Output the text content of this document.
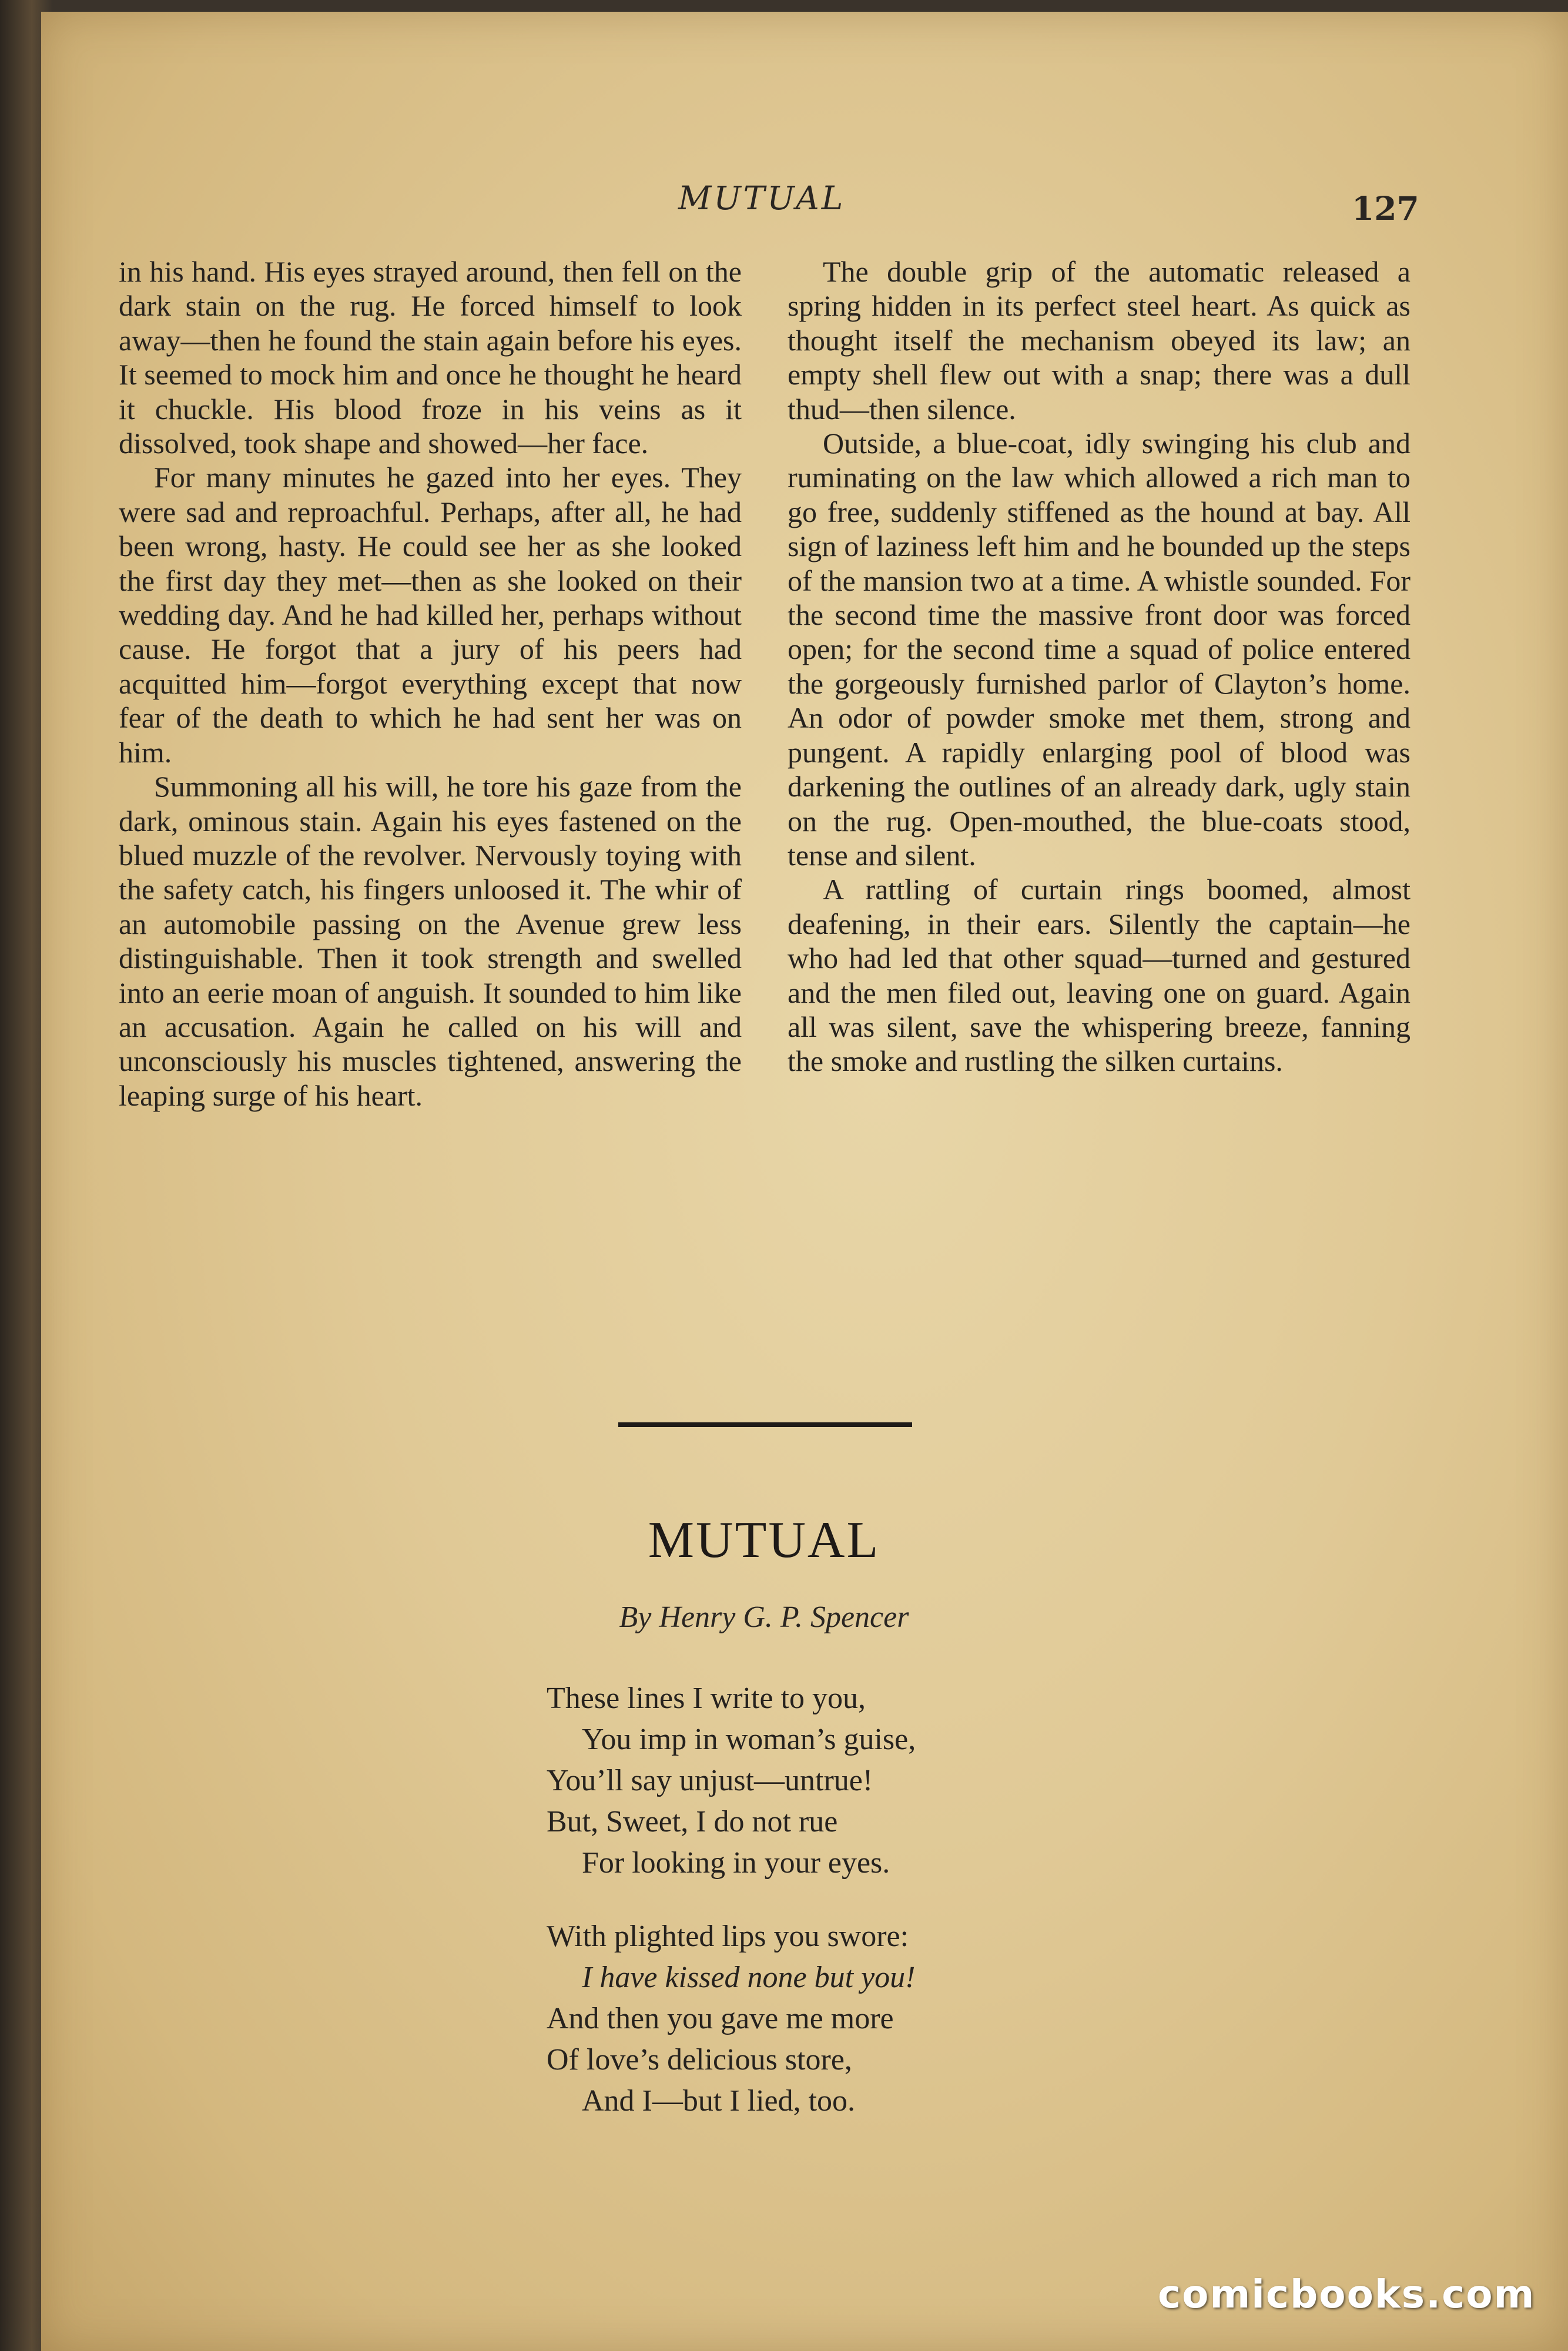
MUTUAL	127

in his hand. His eyes strayed around, then fell on the dark stain on the rug. He forced himself to look away—then he found the stain again before his eyes. It seemed to mock him and once he thought he heard it chuckle. His blood froze in his veins as it dissolved, took shape and showed—her face.

For many minutes he gazed into her eyes. They were sad and reproachful. Perhaps, after all, he had been wrong, hasty. He could see her as she looked the first day they met—then as she looked on their wedding day. And he had killed her, perhaps without cause. He forgot that a jury of his peers had acquitted him—forgot everything except that now fear of the death to which he had sent her was on him.

Summoning all his will, he tore his gaze from the dark, ominous stain. Again his eyes fastened on the blued muzzle of the revolver. Nervously toying with the safety catch, his fingers unloosed it. The whir of an automobile passing on the Avenue grew less distinguishable. Then it took strength and swelled into an eerie moan of anguish. It sounded to him like an accusation. Again he called on his will and unconsciously his muscles tightened, answering the leaping surge of his heart.

The double grip of the automatic released a spring hidden in its perfect steel heart. As quick as thought itself the mechanism obeyed its law; an empty shell flew out with a snap; there was a dull thud—then silence.

Outside, a blue-coat, idly swinging his club and ruminating on the law which allowed a rich man to go free, suddenly stiffened as the hound at bay. All sign of laziness left him and he bounded up the steps of the mansion two at a time. A whistle sounded. For the second time the massive front door was forced open; for the second time a squad of police entered the gorgeously furnished parlor of Clayton’s home. An odor of powder smoke met them, strong and pungent. A rapidly enlarging pool of blood was darkening the outlines of an already dark, ugly stain on the rug. Open-mouthed, the blue-coats stood, tense and silent.

A rattling of curtain rings boomed, almost deafening, in their ears. Silently the captain—he who had led that other squad—turned and gestured and the men filed out, leaving one on guard. Again all was silent, save the whispering breeze, fanning the smoke and rustling the silken curtains.

MUTUAL
By Henry G. P. Spencer
These lines I write to you,
You imp in woman’s guise,
You’ll say unjust—untrue!
But, Sweet, I do not rue
For looking in your eyes.
With plighted lips you swore:
I have kissed none but you!
And then you gave me more
Of love’s delicious store,
And I—but I lied, too.
comicbooks.com
